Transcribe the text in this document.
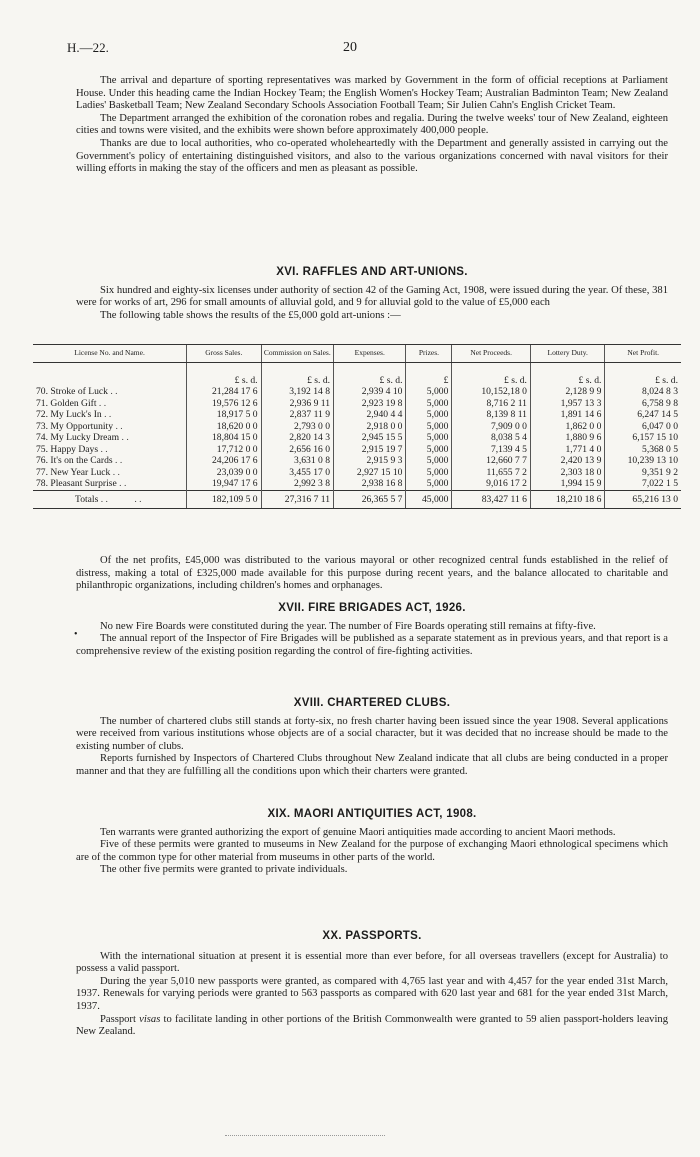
H.—22.	20

The arrival and departure of sporting representatives was marked by Government in the form of official receptions at Parliament House. Under this heading came the Indian Hockey Team; the English Women's Hockey Team; Australian Badminton Team; New Zealand Ladies' Basketball Team; New Zealand Secondary Schools Association Football Team; Sir Julien Cahn's English Cricket Team.

The Department arranged the exhibition of the coronation robes and regalia. During the twelve weeks' tour of New Zealand, eighteen cities and towns were visited, and the exhibits were shown before approximately 400,000 people.

Thanks are due to local authorities, who co-operated wholeheartedly with the Department and generally assisted in carrying out the Government's policy of entertaining distinguished visitors, and also to the various organizations concerned with naval visitors for their willing efforts in making the stay of the officers and men as pleasant as possible.

XVI. RAFFLES AND ART-UNIONS.

Six hundred and eighty-six licenses under authority of section 42 of the Gaming Act, 1908, were issued during the year. Of these, 381 were for works of art, 296 for small amounts of alluvial gold, and 9 for alluvial gold to the value of £5,000 each

The following table shows the results of the £5,000 gold art-unions :—

License No. and Name.	Gross Sales.	Commission on Sales.	Expenses.	Prizes.	Net Proceeds.	Lottery Duty.	Net Profit.
	£ s. d.	£ s. d.	£ s. d.	£	£ s. d.	£ s. d.	£ s. d.
70. Stroke of Luck . .	21,284 17 6	3,192 14 8	2,939 4 10	5,000	10,152,18 0	2,128 9 9	8,024 8 3
71. Golden Gift . .	19,576 12 6	2,936 9 11	2,923 19 8	5,000	8,716 2 11	1,957 13 3	6,758 9 8
72. My Luck's In . .	18,917 5 0	2,837 11 9	2,940 4 4	5,000	8,139 8 11	1,891 14 6	6,247 14 5
73. My Opportunity . .	18,620 0 0	2,793 0 0	2,918 0 0	5,000	7,909 0 0	1,862 0 0	6,047 0 0
74. My Lucky Dream . .	18,804 15 0	2,820 14 3	2,945 15 5	5,000	8,038 5 4	1,880 9 6	6,157 15 10
75. Happy Days . .	17,712 0 0	2,656 16 0	2,915 19 7	5,000	7,139 4 5	1,771 4 0	5,368 0 5
76. It's on the Cards . .	24,206 17 6	3,631 0 8	2,915 9 3	5,000	12,660 7 7	2,420 13 9	10,239 13 10
77. New Year Luck . .	23,039 0 0	3,455 17 0	2,927 15 10	5,000	11,655 7 2	2,303 18 0	9,351 9 2
78. Pleasant Surprise . .	19,947 17 6	2,992 3 8	2,938 16 8	5,000	9,016 17 2	1,994 15 9	7,022 1 5
Totals . . . .	182,109 5 0	27,316 7 11	26,365 5 7	45,000	83,427 11 6	18,210 18 6	65,216 13 0

Of the net profits, £45,000 was distributed to the various mayoral or other recognized central funds established in the relief of distress, making a total of £325,000 made available for this purpose during recent years, and the balance allocated to charitable and philanthropic organizations, including children's homes and orphanages.

XVII. FIRE BRIGADES ACT, 1926.

No new Fire Boards were constituted during the year. The number of Fire Boards operating still remains at fifty-five.

The annual report of the Inspector of Fire Brigades will be published as a separate statement as in previous years, and that report is a comprehensive review of the existing position regarding the control of fire-fighting activities.

•
XVIII. CHARTERED CLUBS.

The number of chartered clubs still stands at forty-six, no fresh charter having been issued since the year 1908. Several applications were received from various institutions whose objects are of a social character, but it was decided that no increase should be made to the existing number of clubs.

Reports furnished by Inspectors of Chartered Clubs throughout New Zealand indicate that all clubs are being conducted in a proper manner and that they are fulfilling all the conditions upon which their charters were granted.

XIX. MAORI ANTIQUITIES ACT, 1908.

Ten warrants were granted authorizing the export of genuine Maori antiquities made according to ancient Maori methods.

Five of these permits were granted to museums in New Zealand for the purpose of exchanging Maori ethnological specimens which are of the common type for other material from museums in other parts of the world.

The other five permits were granted to private individuals.

XX. PASSPORTS.

With the international situation at present it is essential more than ever before, for all overseas travellers (except for Australia) to possess a valid passport.

During the year 5,010 new passports were granted, as compared with 4,765 last year and with 4,457 for the year ended 31st March, 1937. Renewals for varying periods were granted to 563 passports as compared with 620 last year and 681 for the year ended 31st March, 1937.

Passport visas to facilitate landing in other portions of the British Commonwealth were granted to 59 alien passport-holders leaving New Zealand.
